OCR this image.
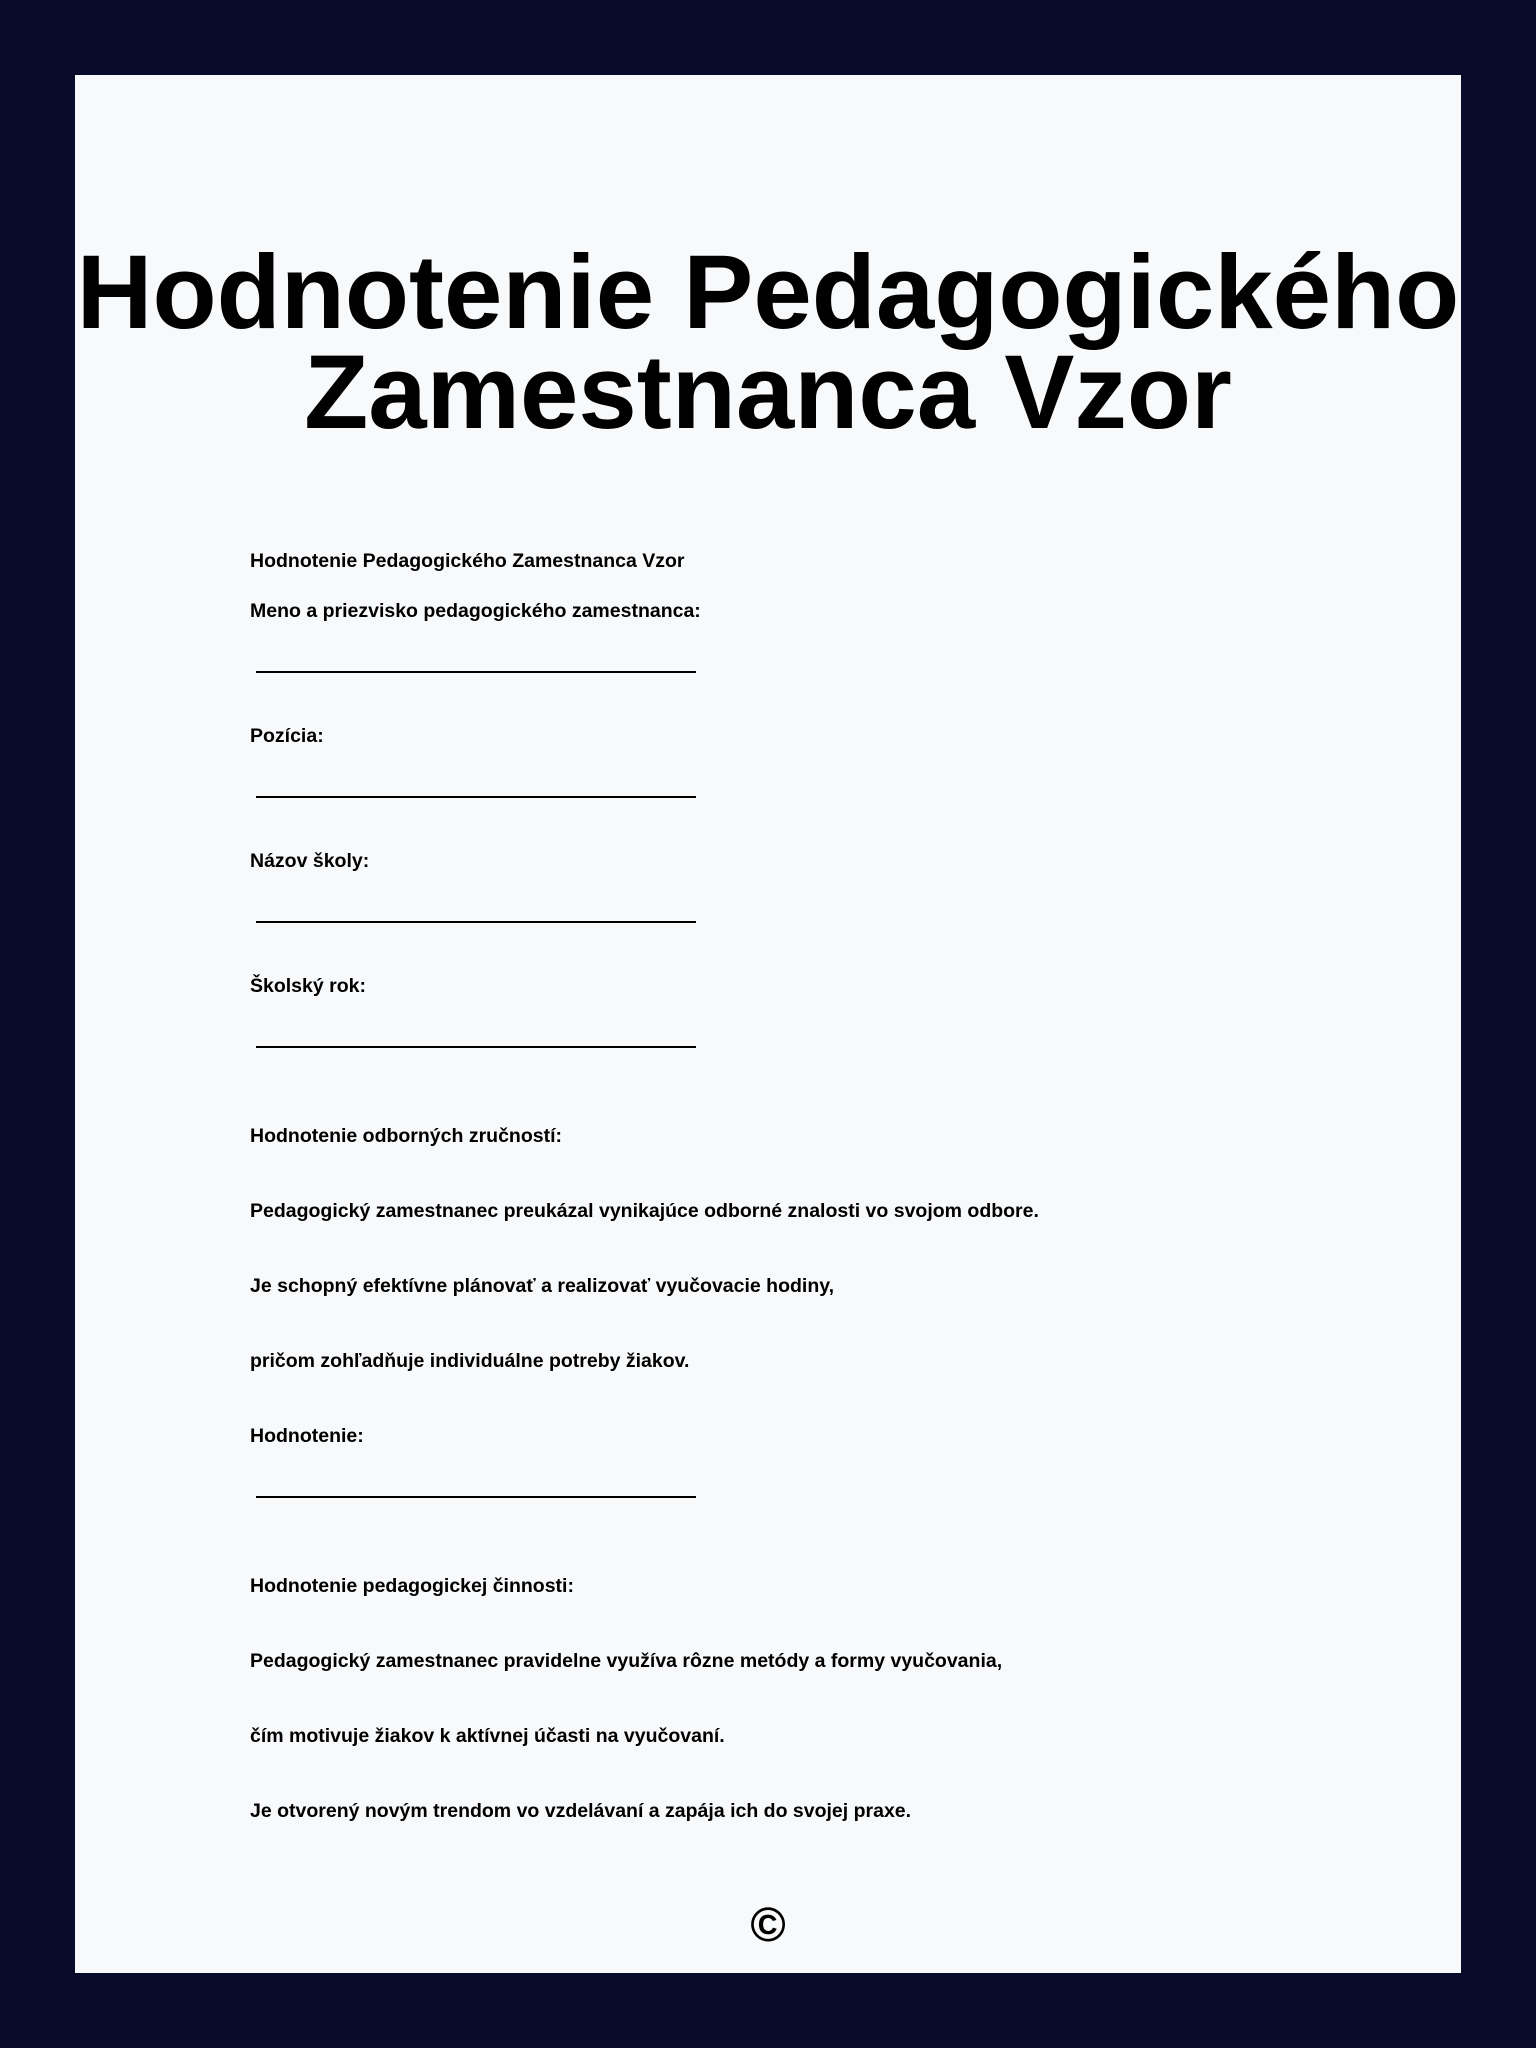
Hodnotenie Pedagogického Zamestnanca Vzor
Hodnotenie Pedagogického Zamestnanca Vzor
Meno a priezvisko pedagogického zamestnanca:
Pozícia:
Názov školy:
Školský rok:
Hodnotenie odborných zručností:
Pedagogický zamestnanec preukázal vynikajúce odborné znalosti vo svojom odbore.
Je schopný efektívne plánovať a realizovať vyučovacie hodiny,
pričom zohľadňuje individuálne potreby žiakov.
Hodnotenie:
Hodnotenie pedagogickej činnosti:
Pedagogický zamestnanec pravidelne využíva rôzne metódy a formy vyučovania,
čím motivuje žiakov k aktívnej účasti na vyučovaní.
Je otvorený novým trendom vo vzdelávaní a zapája ich do svojej praxe.
©
